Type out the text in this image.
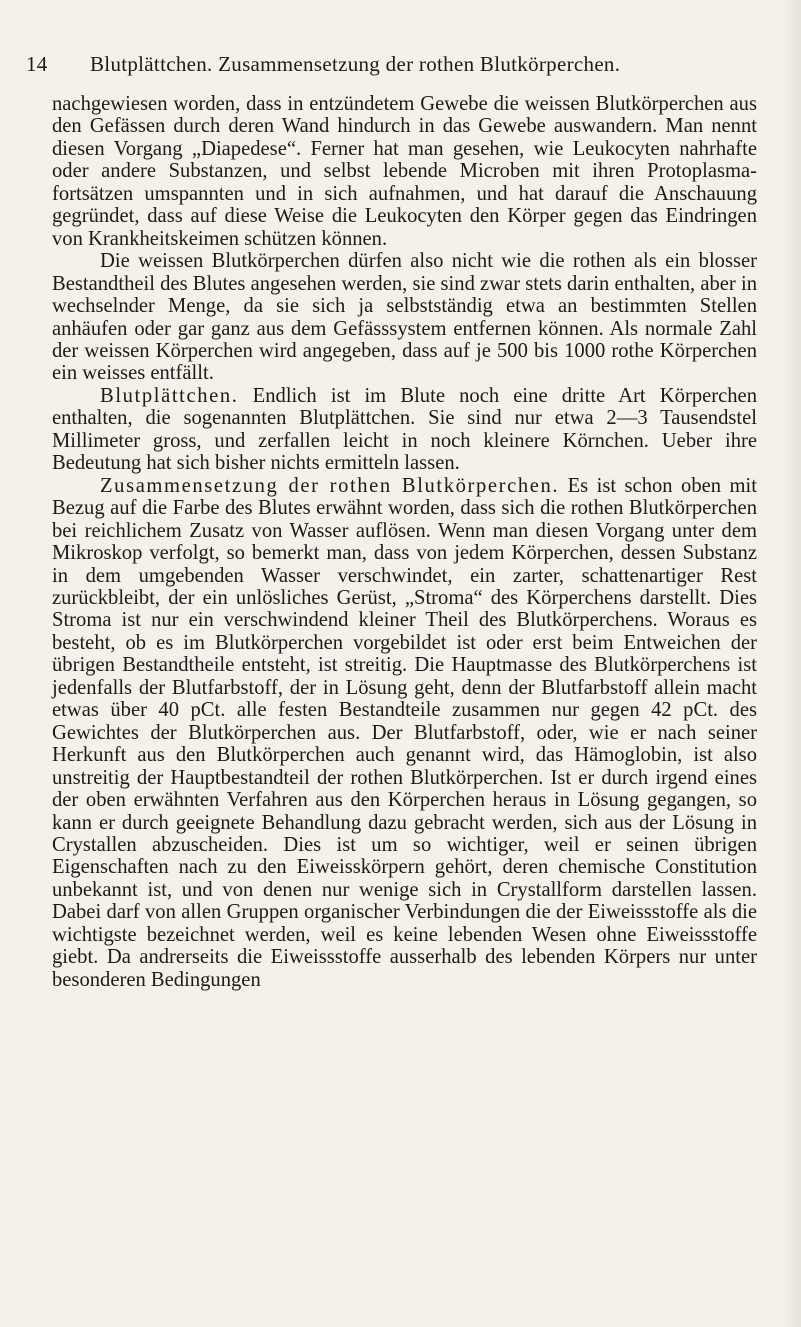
14	Blutplättchen. Zusammensetzung der rothen Blutkörperchen.

nachgewiesen worden, dass in entzündetem Gewebe die weissen Blutkörperchen aus den Gefässen durch deren Wand hindurch in das Gewebe auswandern. Man nennt diesen Vorgang „Diapedese“. Ferner hat man gesehen, wie Leukocyten nahrhafte oder andere Substanzen, und selbst lebende Microben mit ihren Protoplasma-fortsätzen umspannten und in sich aufnahmen, und hat darauf die Anschauung gegründet, dass auf diese Weise die Leukocyten den Körper gegen das Eindringen von Krankheitskeimen schützen können.

Die weissen Blutkörperchen dürfen also nicht wie die rothen als ein blosser Bestandtheil des Blutes angesehen werden, sie sind zwar stets darin enthalten, aber in wechselnder Menge, da sie sich ja selbstständig etwa an bestimmten Stellen anhäufen oder gar ganz aus dem Gefässsystem entfernen können. Als normale Zahl der weissen Körperchen wird angegeben, dass auf je 500 bis 1000 rothe Körperchen ein weisses entfällt.

Blutplättchen. Endlich ist im Blute noch eine dritte Art Körperchen enthalten, die sogenannten Blutplättchen. Sie sind nur etwa 2—3 Tausendstel Millimeter gross, und zerfallen leicht in noch kleinere Körnchen. Ueber ihre Bedeutung hat sich bisher nichts ermitteln lassen.

Zusammensetzung der rothen Blutkörperchen. Es ist schon oben mit Bezug auf die Farbe des Blutes erwähnt worden, dass sich die rothen Blutkörperchen bei reichlichem Zusatz von Wasser auflösen. Wenn man diesen Vorgang unter dem Mikroskop verfolgt, so bemerkt man, dass von jedem Körperchen, dessen Substanz in dem umgebenden Wasser verschwindet, ein zarter, schattenartiger Rest zurückbleibt, der ein unlösliches Gerüst, „Stroma“ des Körperchens darstellt. Dies Stroma ist nur ein verschwindend kleiner Theil des Blutkörperchens. Woraus es besteht, ob es im Blutkörperchen vorgebildet ist oder erst beim Entweichen der übrigen Bestandtheile entsteht, ist streitig. Die Hauptmasse des Blutkörperchens ist jedenfalls der Blutfarbstoff, der in Lösung geht, denn der Blutfarbstoff allein macht etwas über 40 pCt. alle festen Bestandteile zusammen nur gegen 42 pCt. des Gewichtes der Blutkörperchen aus. Der Blutfarbstoff, oder, wie er nach seiner Herkunft aus den Blutkörperchen auch genannt wird, das Hämoglobin, ist also unstreitig der Hauptbestandteil der rothen Blutkörperchen. Ist er durch irgend eines der oben erwähnten Verfahren aus den Körperchen heraus in Lösung gegangen, so kann er durch geeignete Behandlung dazu gebracht werden, sich aus der Lösung in Crystallen abzuscheiden. Dies ist um so wichtiger, weil er seinen übrigen Eigenschaften nach zu den Eiweisskörpern gehört, deren chemische Constitution unbekannt ist, und von denen nur wenige sich in Crystallform darstellen lassen. Dabei darf von allen Gruppen organischer Verbindungen die der Eiweissstoffe als die wichtigste bezeichnet werden, weil es keine lebenden Wesen ohne Eiweissstoffe giebt. Da andrerseits die Eiweissstoffe ausserhalb des lebenden Körpers nur unter besonderen Bedingungen
